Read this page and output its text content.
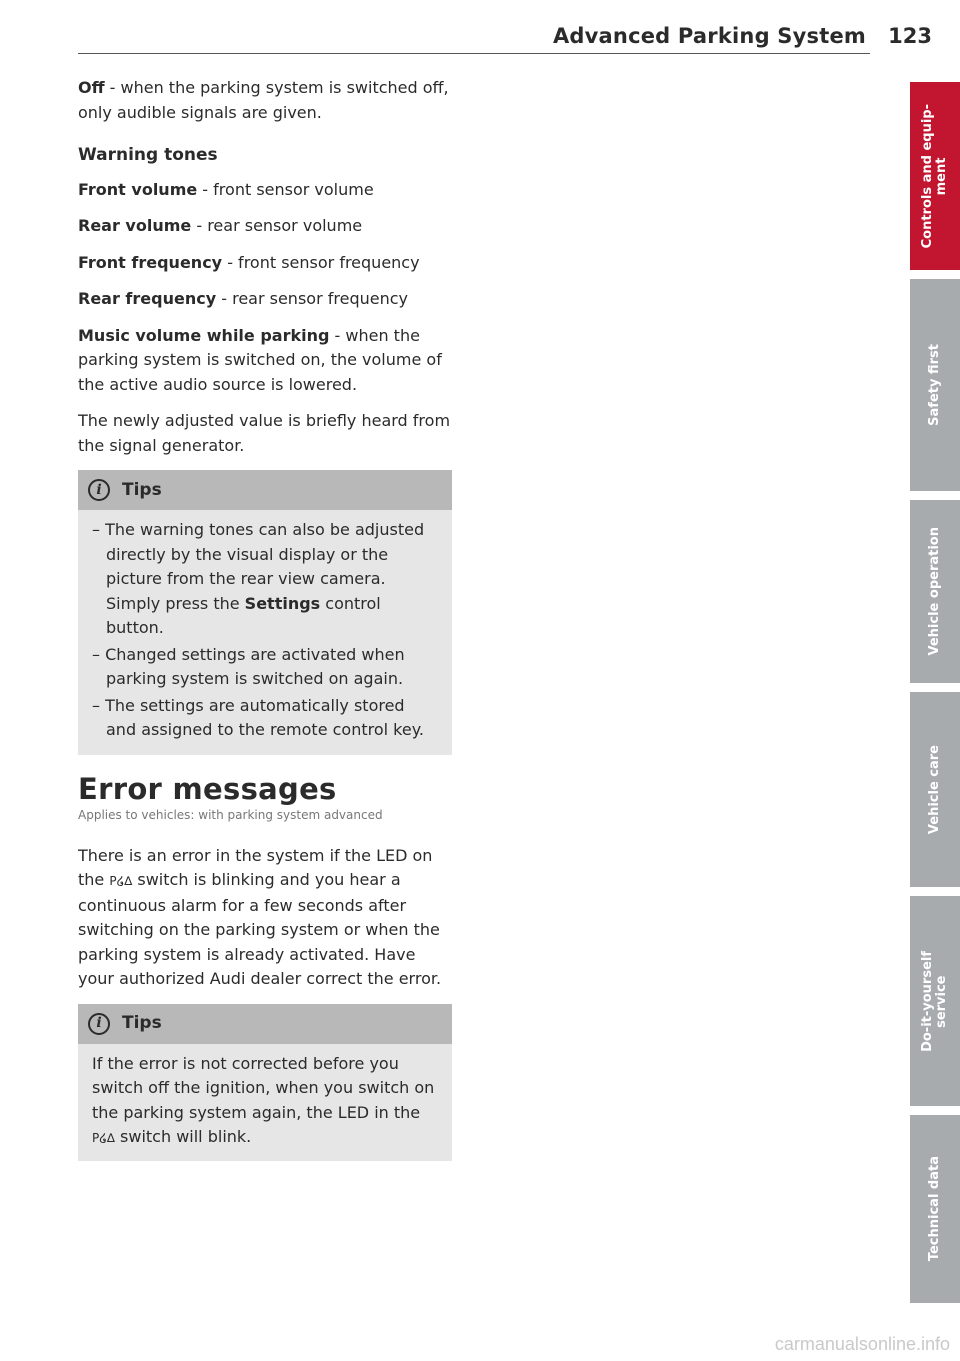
Advanced Parking System 123

Off - when the parking system is switched off, only audible signals are given.

Warning tones

Front volume - front sensor volume

Rear volume - rear sensor volume

Front frequency - front sensor frequency

Rear frequency - rear sensor frequency

Music volume while parking - when the parking system is switched on, the volume of the active audio source is lowered.

The newly adjusted value is briefly heard from the signal generator.

i	Tips
– The warning tones can also be adjusted directly by the visual display or the picture from the rear view camera. Simply press the Settings control button.
– Changed settings are activated when parking system is switched on again.
– The settings are automatically stored and assigned to the remote control key.
Error messages
Applies to vehicles: with parking system advanced

There is an error in the system if the LED on the P໒∆ switch is blinking and you hear a continuous alarm for a few seconds after switching on the parking system or when the parking system is already activated. Have your authorized Audi dealer correct the error.

i	Tips

If the error is not corrected before you switch off the ignition, when you switch on the parking system again, the LED in the P໒∆ switch will blink.

Controls and equip-
ment
Safety first
Vehicle operation
Vehicle care
Do-it-yourself
service
Technical data
carmanualsonline.info
